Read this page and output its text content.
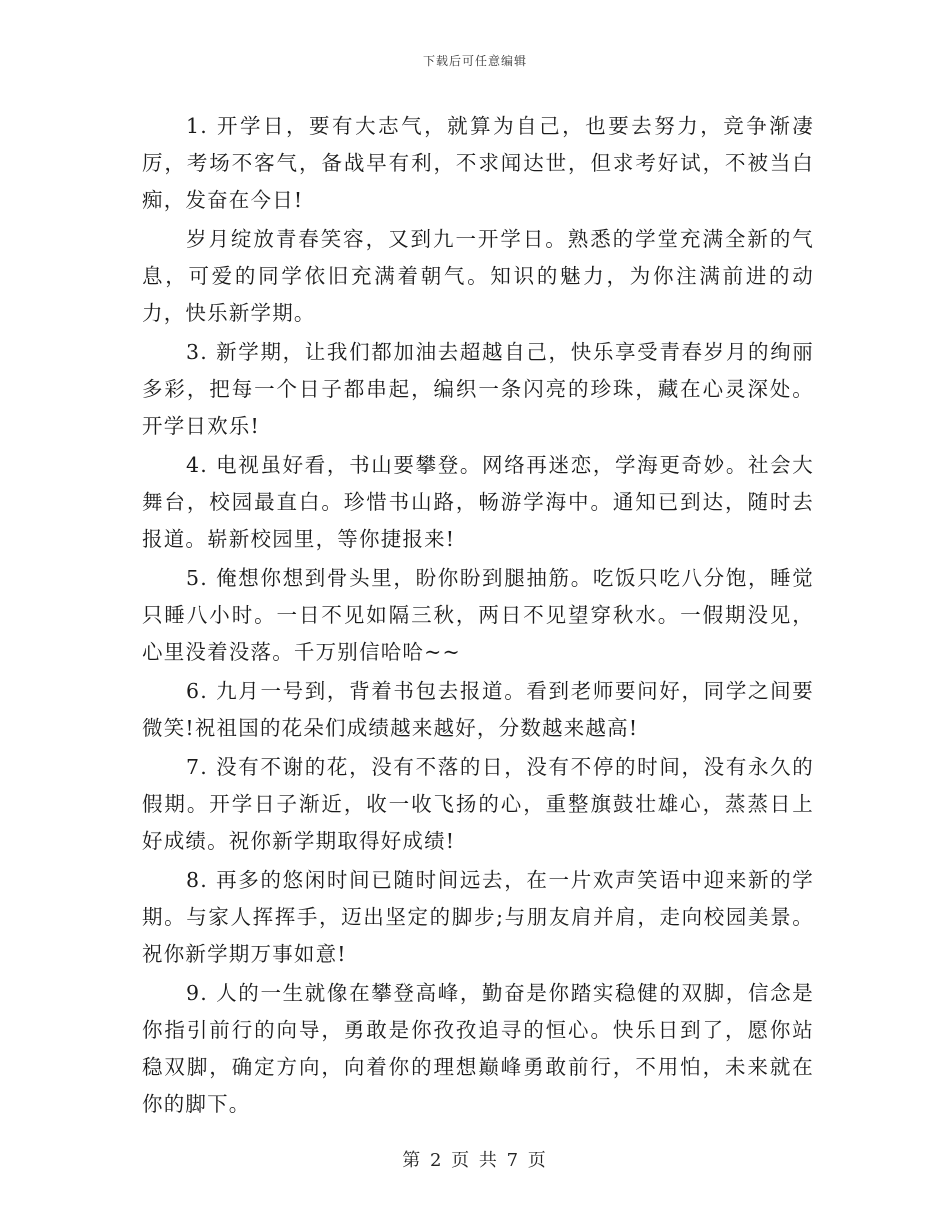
下载后可任意编辑

1. 开学日，要有大志气，就算为自己，也要去努力，竞争渐凄厉，考场不客气，备战早有利，不求闻达世，但求考好试，不被当白痴，发奋在今日!

岁月绽放青春笑容，又到九一开学日。熟悉的学堂充满全新的气息，可爱的同学依旧充满着朝气。知识的魅力，为你注满前进的动力，快乐新学期。

3. 新学期，让我们都加油去超越自己，快乐享受青春岁月的绚丽多彩，把每一个日子都串起，编织一条闪亮的珍珠，藏在心灵深处。开学日欢乐!

4. 电视虽好看，书山要攀登。网络再迷恋，学海更奇妙。社会大舞台，校园最直白。珍惜书山路，畅游学海中。通知已到达，随时去报道。崭新校园里，等你捷报来!

5. 俺想你想到骨头里，盼你盼到腿抽筋。吃饭只吃八分饱，睡觉只睡八小时。一日不见如隔三秋，两日不见望穿秋水。一假期没见，心里没着没落。千万别信哈哈~~

6. 九月一号到，背着书包去报道。看到老师要问好，同学之间要微笑!祝祖国的花朵们成绩越来越好，分数越来越高!

7. 没有不谢的花，没有不落的日，没有不停的时间，没有永久的假期。开学日子渐近，收一收飞扬的心，重整旗鼓壮雄心，蒸蒸日上好成绩。祝你新学期取得好成绩!

8. 再多的悠闲时间已随时间远去，在一片欢声笑语中迎来新的学期。与家人挥挥手，迈出坚定的脚步;与朋友肩并肩，走向校园美景。祝你新学期万事如意!

9. 人的一生就像在攀登高峰，勤奋是你踏实稳健的双脚，信念是你指引前行的向导，勇敢是你孜孜追寻的恒心。快乐日到了，愿你站稳双脚，确定方向，向着你的理想巅峰勇敢前行，不用怕，未来就在你的脚下。

第 2 页 共 7 页
